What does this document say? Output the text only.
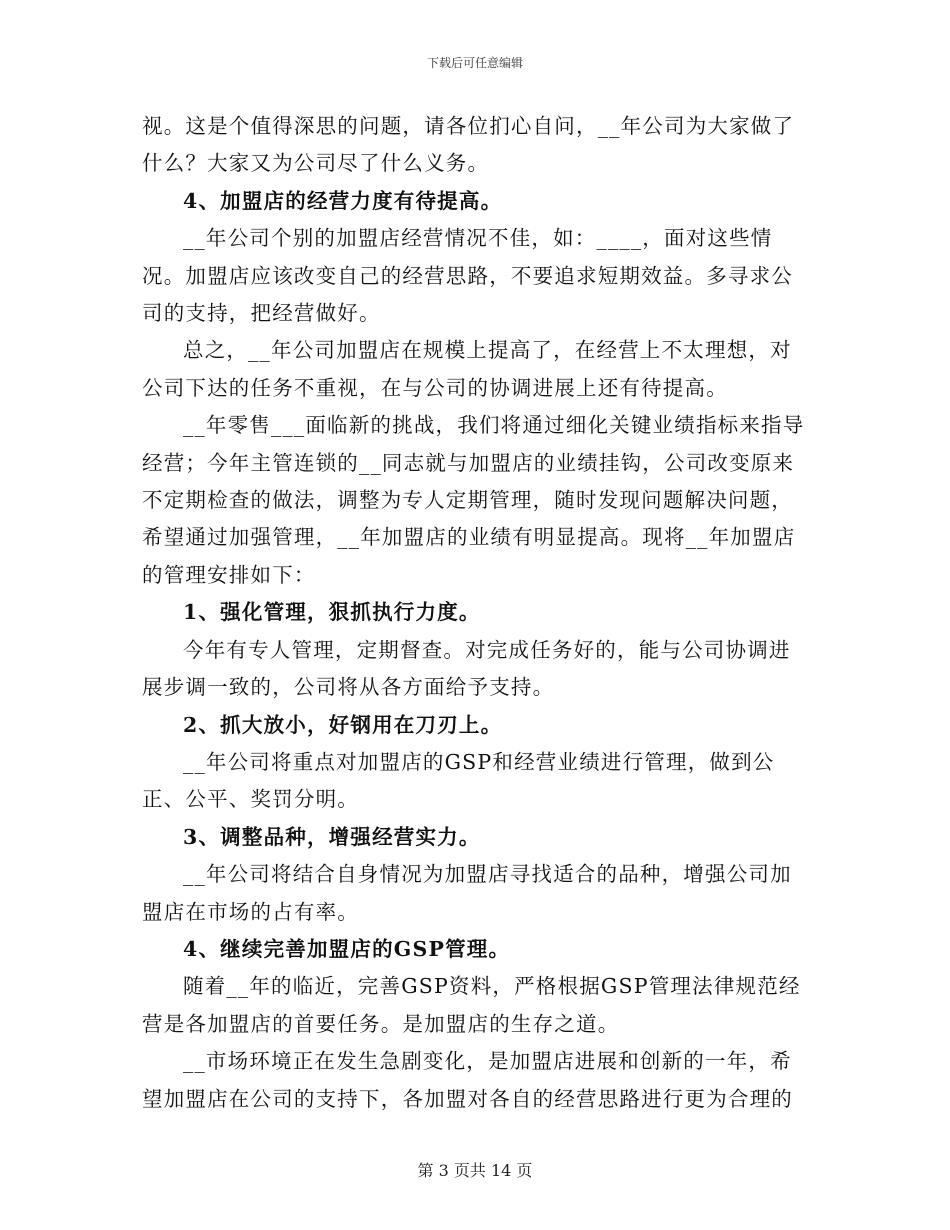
下载后可任意编辑

视。这是个值得深思的问题，请各位扪心自问，__年公司为大家做了什么？大家又为公司尽了什么义务。

4、加盟店的经营力度有待提高。

__年公司个别的加盟店经营情况不佳，如：____，面对这些情况。加盟店应该改变自己的经营思路，不要追求短期效益。多寻求公司的支持，把经营做好。

总之，__年公司加盟店在规模上提高了，在经营上不太理想，对公司下达的任务不重视，在与公司的协调进展上还有待提高。

__年零售___面临新的挑战，我们将通过细化关键业绩指标来指导经营；今年主管连锁的__同志就与加盟店的业绩挂钩，公司改变原来不定期检查的做法，调整为专人定期管理，随时发现问题解决问题，希望通过加强管理，__年加盟店的业绩有明显提高。现将__年加盟店的管理安排如下：

1、强化管理，狠抓执行力度。

今年有专人管理，定期督查。对完成任务好的，能与公司协调进展步调一致的，公司将从各方面给予支持。

2、抓大放小，好钢用在刀刃上。

__年公司将重点对加盟店的GSP和经营业绩进行管理，做到公正、公平、奖罚分明。

3、调整品种，增强经营实力。

__年公司将结合自身情况为加盟店寻找适合的品种，增强公司加盟店在市场的占有率。

4、继续完善加盟店的GSP管理。

随着__年的临近，完善GSP资料，严格根据GSP管理法律规范经营是各加盟店的首要任务。是加盟店的生存之道。

__市场环境正在发生急剧变化，是加盟店进展和创新的一年，希望加盟店在公司的支持下，各加盟对各自的经营思路进行更为合理的

第 3 页共 14 页
